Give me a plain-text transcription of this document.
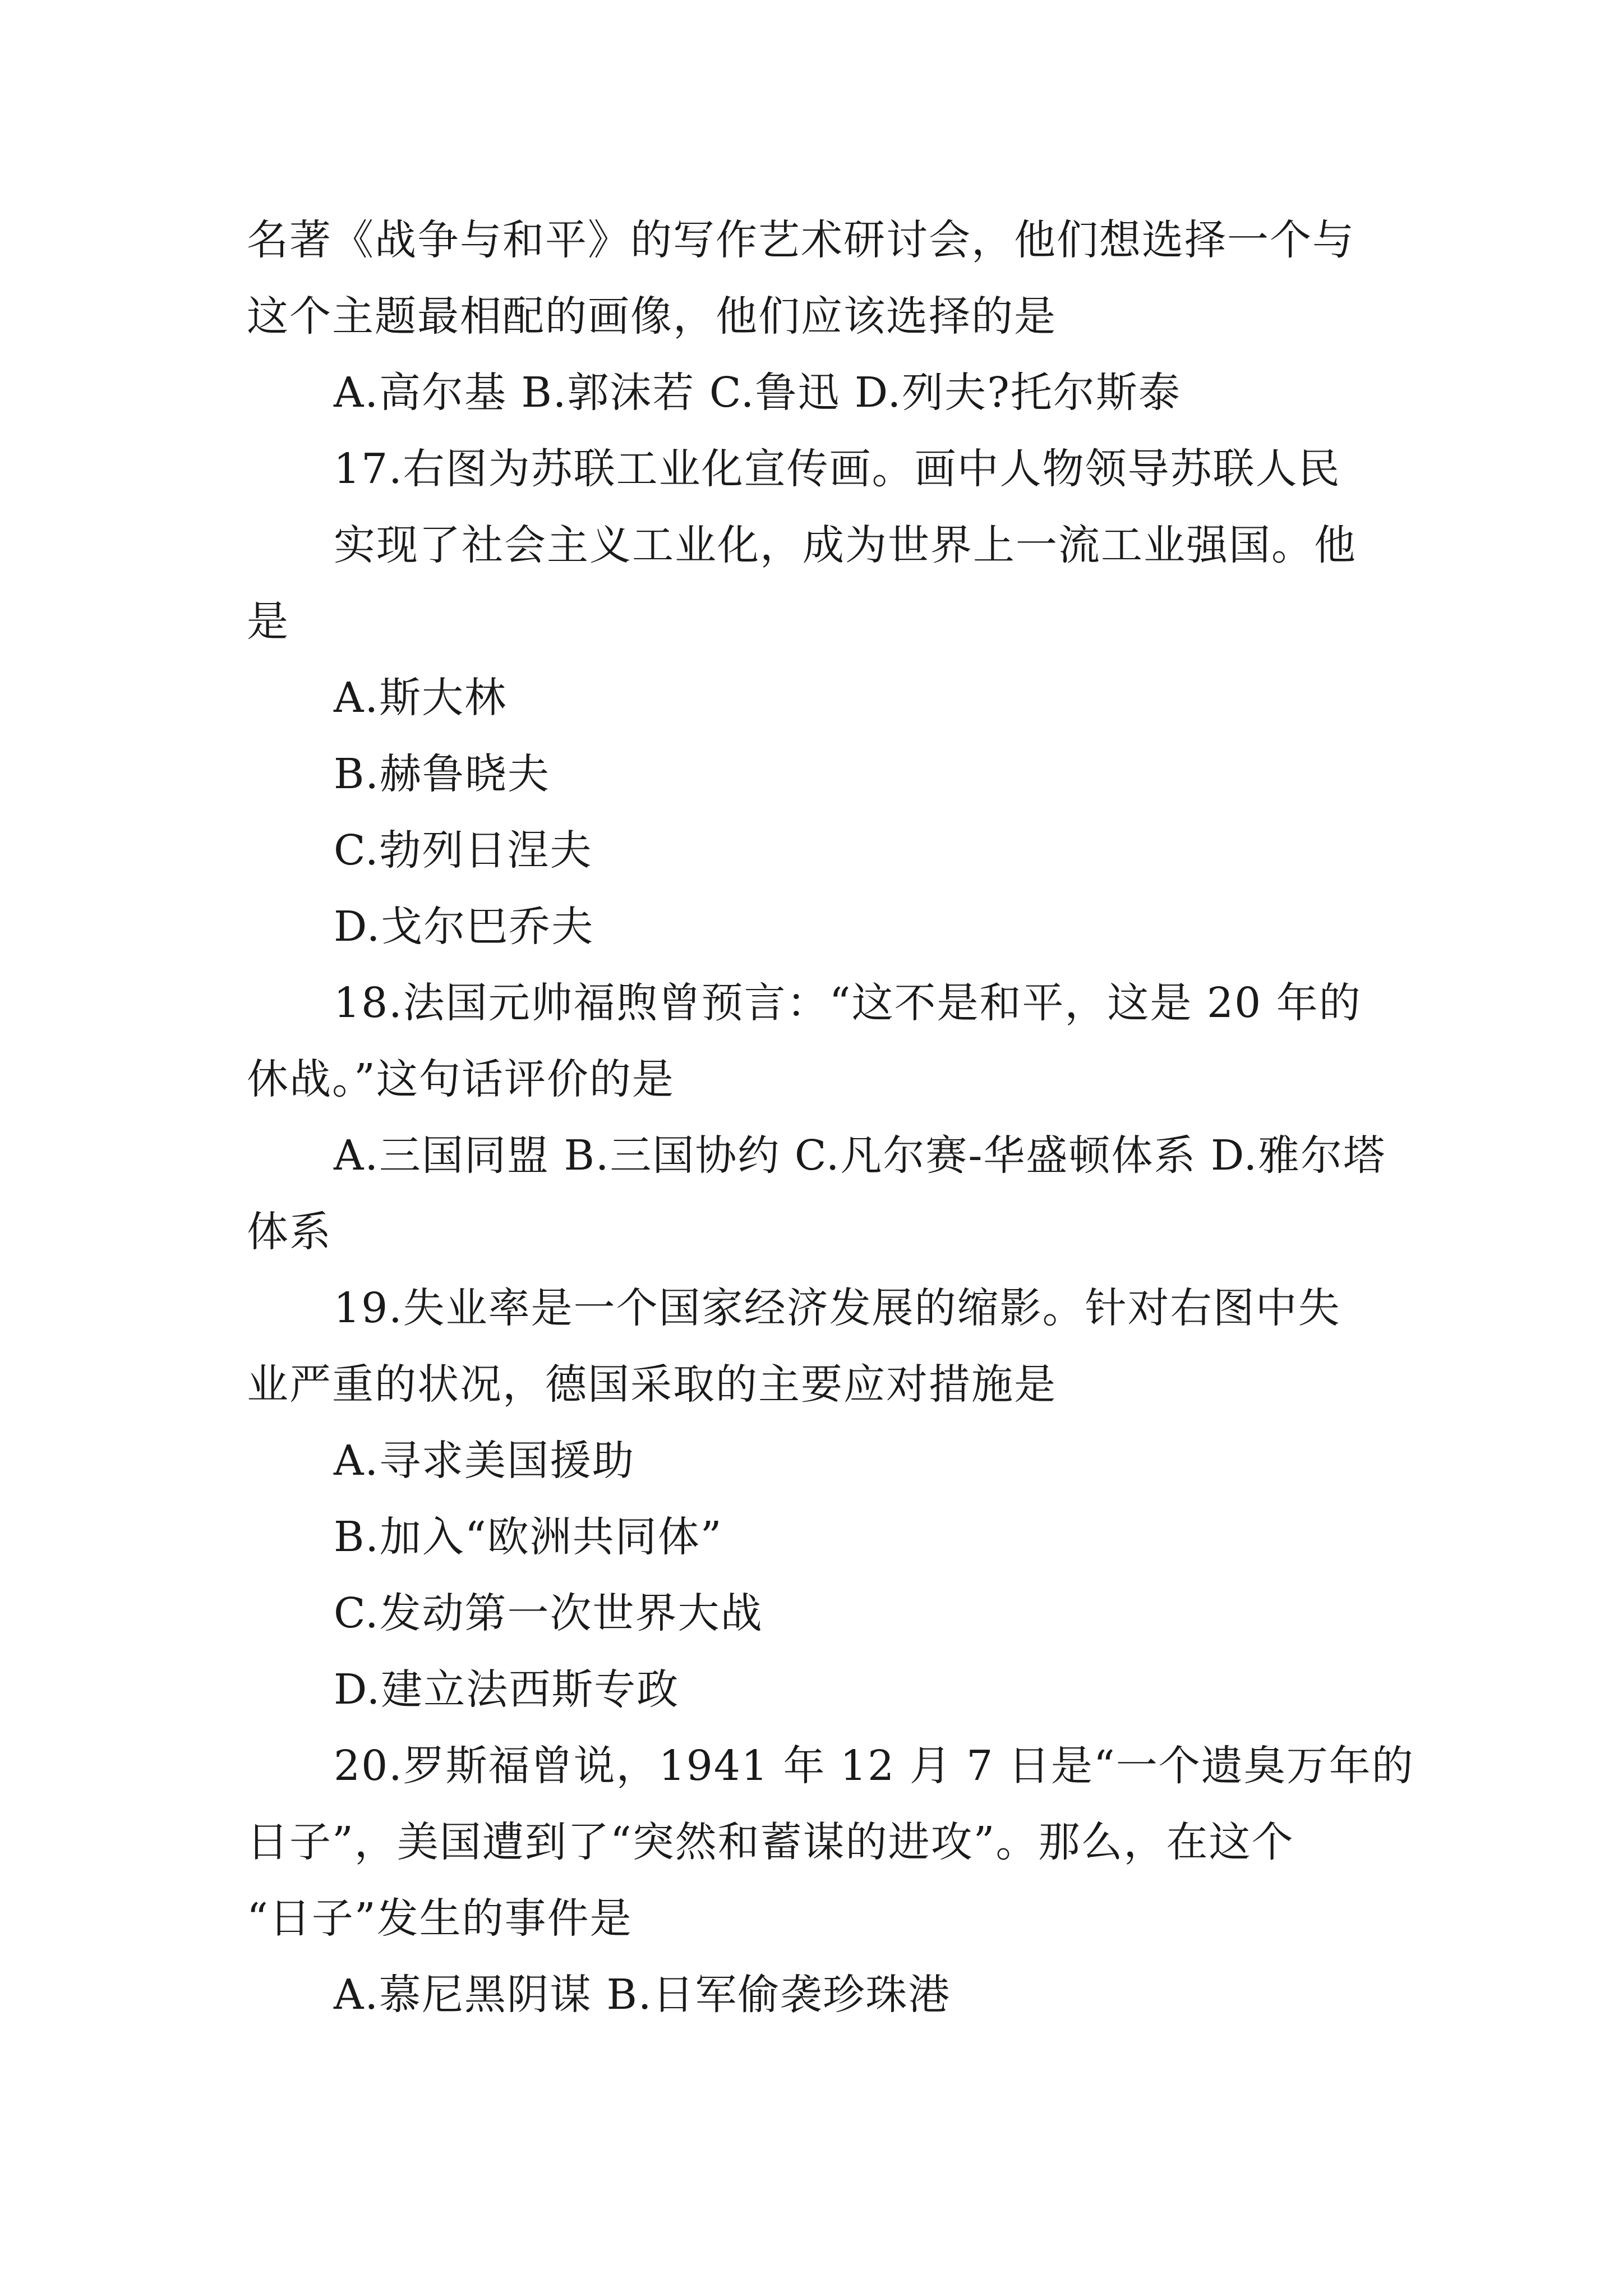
名著《战争与和平》的写作艺术研讨会，他们想选择一个与
这个主题最相配的画像，他们应该选择的是
A.高尔基 B.郭沫若 C.鲁迅 D.列夫?托尔斯泰
17.右图为苏联工业化宣传画。画中人物领导苏联人民
实现了社会主义工业化，成为世界上一流工业强国。他
是
A.斯大林
B.赫鲁晓夫
C.勃列日涅夫
D.戈尔巴乔夫
18.法国元帅福煦曾预言：“这不是和平，这是 20 年的
休战。”这句话评价的是
A.三国同盟 B.三国协约 C.凡尔赛-华盛顿体系 D.雅尔塔
体系
19.失业率是一个国家经济发展的缩影。针对右图中失
业严重的状况，德国采取的主要应对措施是
A.寻求美国援助
B.加入“欧洲共同体”
C.发动第一次世界大战
D.建立法西斯专政
20.罗斯福曾说，1941 年 12 月 7 日是“一个遗臭万年的
日子”，美国遭到了“突然和蓄谋的进攻”。那么，在这个
“日子”发生的事件是
A.慕尼黑阴谋 B.日军偷袭珍珠港
